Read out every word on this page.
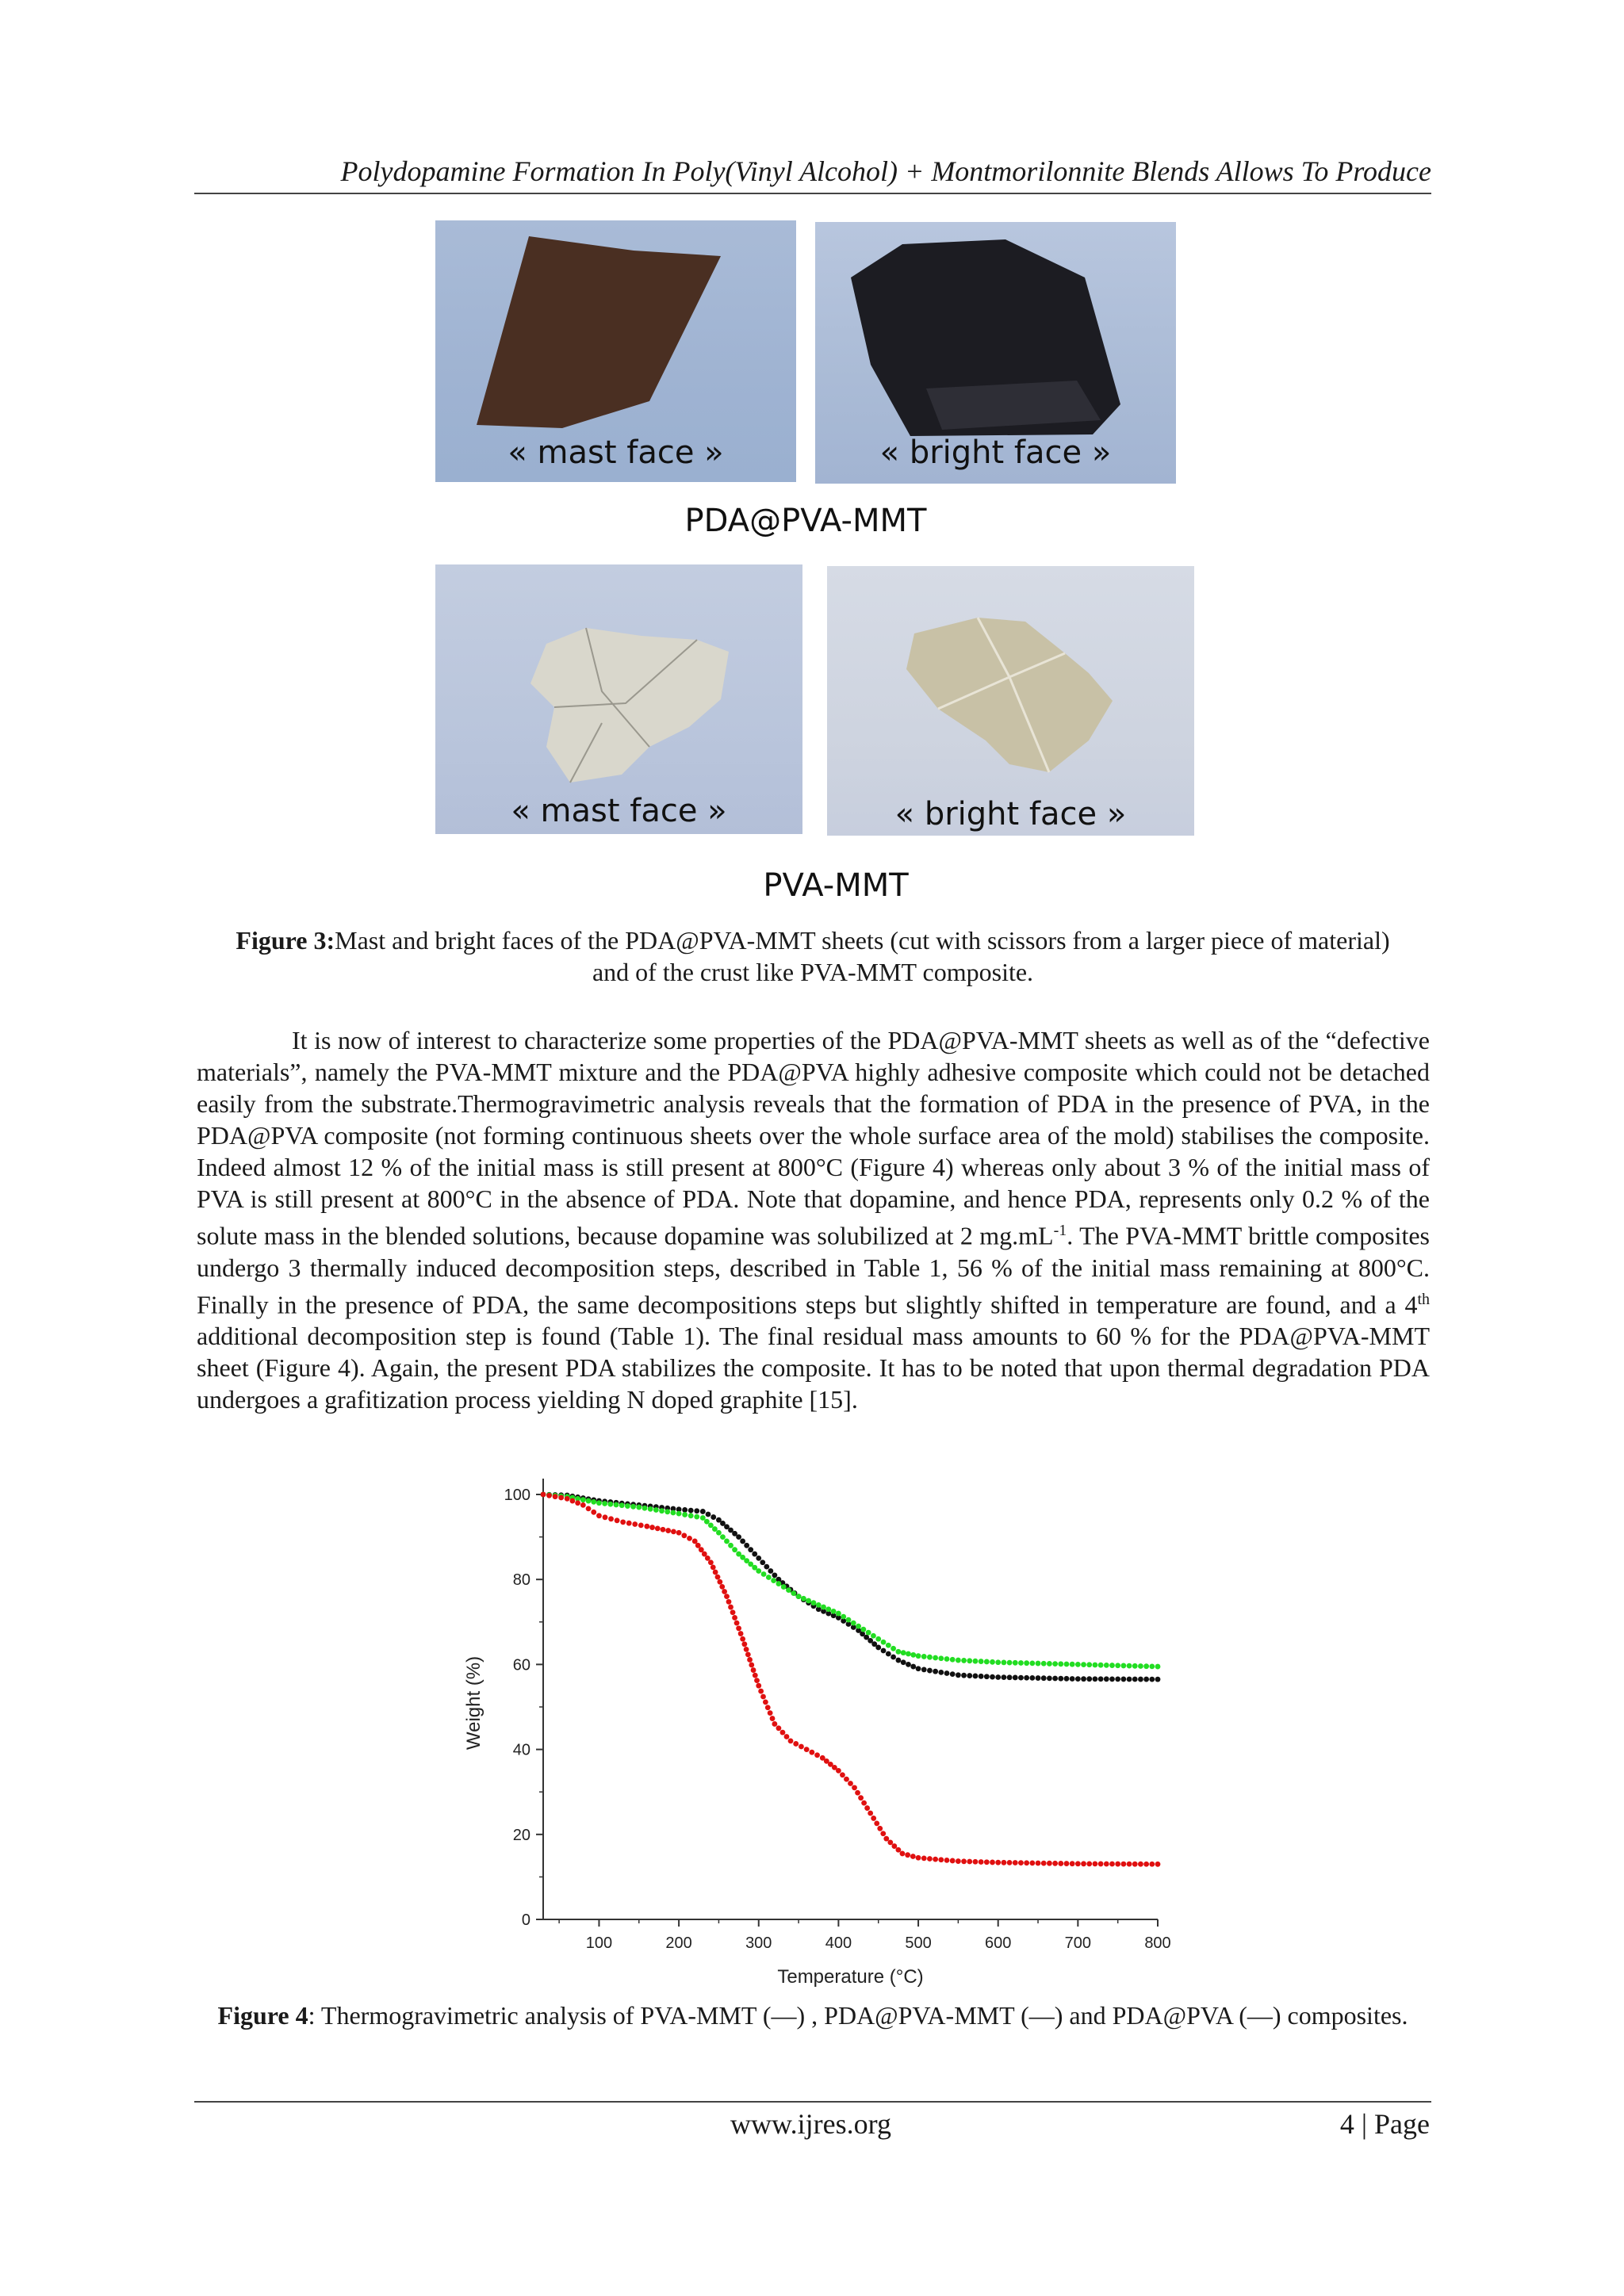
Polydopamine Formation In Poly(Vinyl Alcohol) + Montmorilonnite Blends Allows To Produce
« mast face »	« bright face »
PDA@PVA-MMT
« mast face »	« bright face »
PVA-MMT
Figure 3:Mast and bright faces of the PDA@PVA-MMT sheets (cut with scissors from a larger piece of material) and of the crust like PVA-MMT composite.

It is now of interest to characterize some properties of the PDA@PVA-MMT sheets as well as of the “defective materials”, namely the PVA-MMT mixture and the PDA@PVA highly adhesive composite which could not be detached easily from the substrate.Thermogravimetric analysis reveals that the formation of PDA in the presence of PVA, in the PDA@PVA composite (not forming continuous sheets over the whole surface area of the mold) stabilises the composite. Indeed almost 12 % of the initial mass is still present at 800°C (Figure 4) whereas only about 3 % of the initial mass of PVA is still present at 800°C in the absence of PDA. Note that dopamine, and hence PDA, represents only 0.2 % of the solute mass in the blended solutions, because dopamine was solubilized at 2 $mg.mL^{-1}$. The PVA-MMT brittle composites undergo 3 thermally induced decomposition steps, described in Table 1, 56 % of the initial mass remaining at 800°C. Finally in the presence of PDA, the same decompositions steps but slightly shifted in temperature are found, and a 4th additional decomposition step is found (Table 1). The final residual mass amounts to 60 % for the PDA@PVA-MMT sheet (Figure 4). Again, the present PDA stabilizes the composite. It has to be noted that upon thermal degradation PDA undergoes a grafitization process yielding N doped graphite [15].

100	200	300	400	500	600	700	800
0
20
40
60
80
100
Temperature (°C)
Weight (%)
Figure 4: Thermogravimetric analysis of PVA-MMT (—) , PDA@PVA-MMT (—) and PDA@PVA (—) composites.
www.ijres.org	4 | Page
